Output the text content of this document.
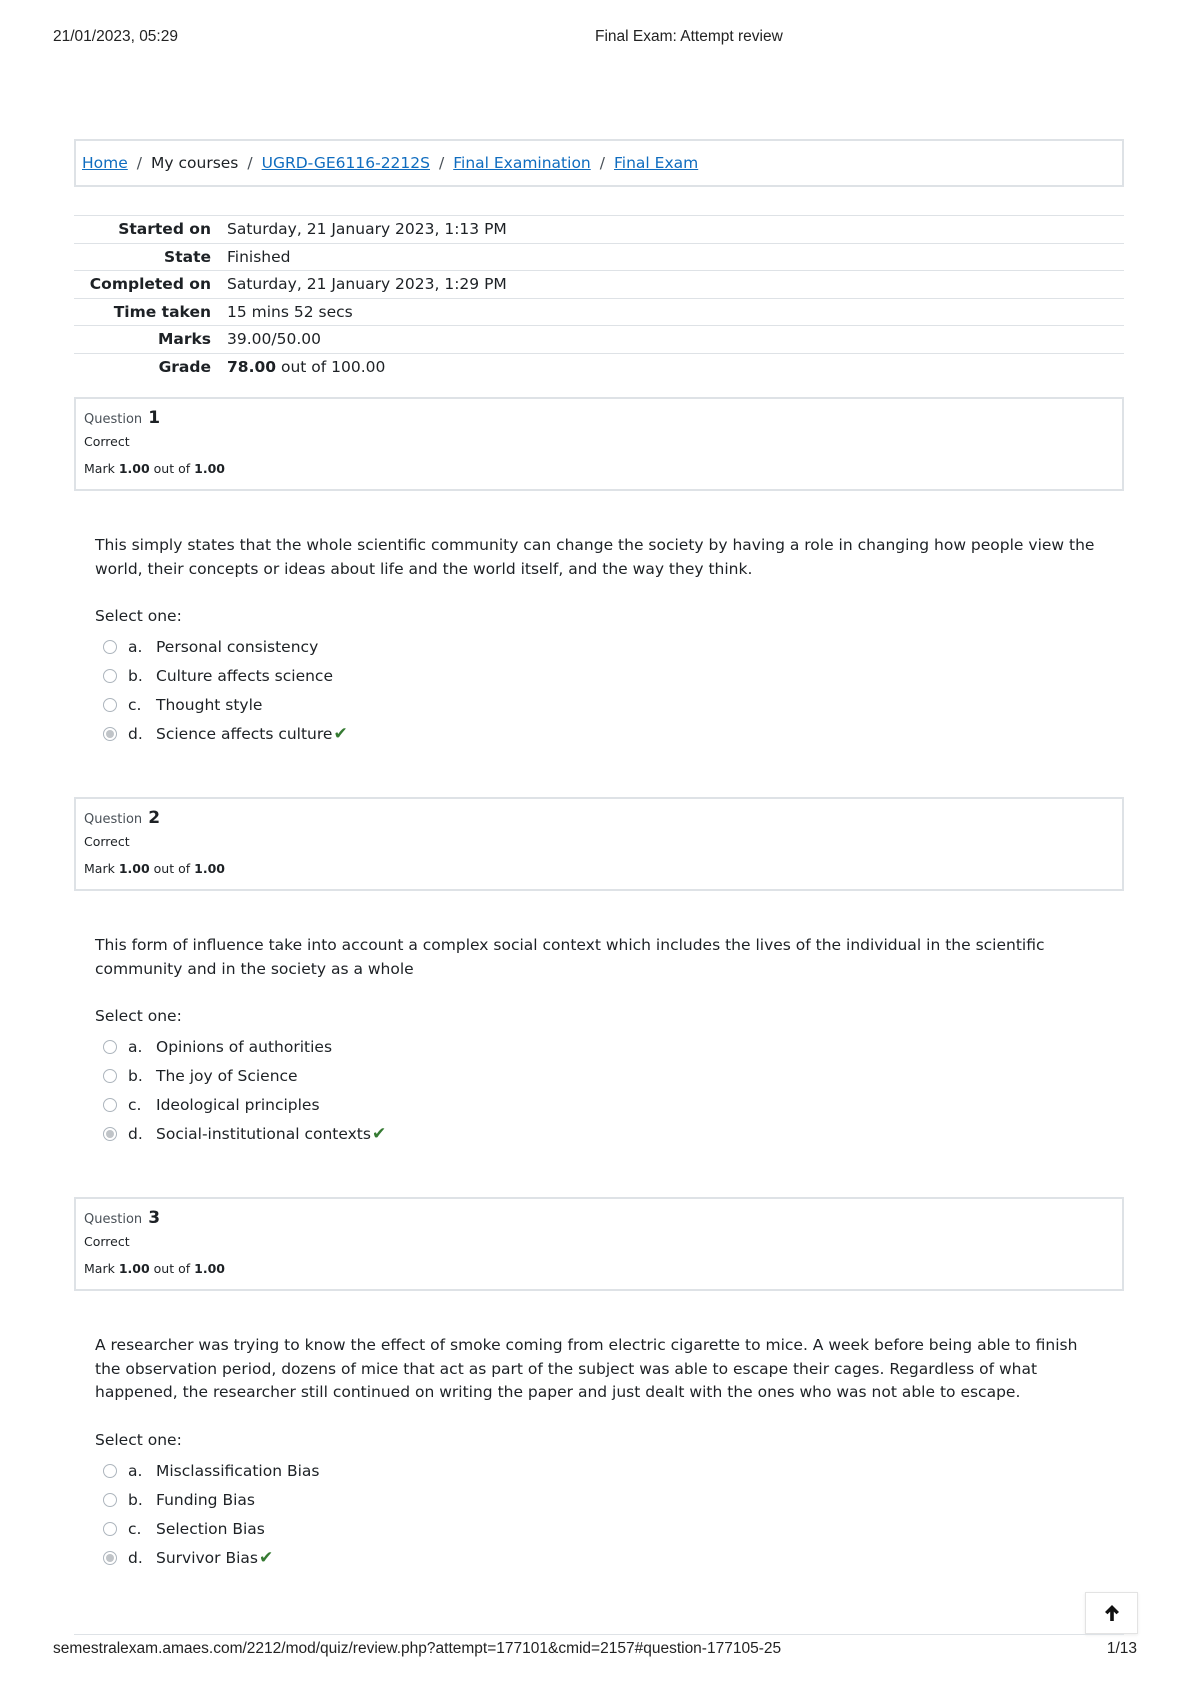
21/01/2023, 05:29	Final Exam: Attempt review
Home / My courses / UGRD-GE6116-2212S / Final Examination / Final Exam
Started on	Saturday, 21 January 2023, 1:13 PM
State	Finished
Completed on	Saturday, 21 January 2023, 1:29 PM
Time taken	15 mins 52 secs
Marks	39.00/50.00
Grade	78.00 out of 100.00
Question 1
Correct
Mark 1.00 out of 1.00
This simply states that the whole scientific community can change the society by having a role in changing how people view the world, their concepts or ideas about life and the world itself, and the way they think.
Select one:
a. Personal consistency
b. Culture affects science
c. Thought style
d. Science affects culture ✔
Question 2
Correct
Mark 1.00 out of 1.00
This form of influence take into account a complex social context which includes the lives of the individual in the scientific community and in the society as a whole
Select one:
a. Opinions of authorities
b. The joy of Science
c. Ideological principles
d. Social-institutional contexts ✔
Question 3
Correct
Mark 1.00 out of 1.00
A researcher was trying to know the effect of smoke coming from electric cigarette to mice. A week before being able to finish the observation period, dozens of mice that act as part of the subject was able to escape their cages. Regardless of what happened, the researcher still continued on writing the paper and just dealt with the ones who was not able to escape.
Select one:
a. Misclassification Bias
b. Funding Bias
c. Selection Bias
d. Survivor Bias ✔
semestralexam.amaes.com/2212/mod/quiz/review.php?attempt=177101&cmid=2157#question-177105-25	1/13
